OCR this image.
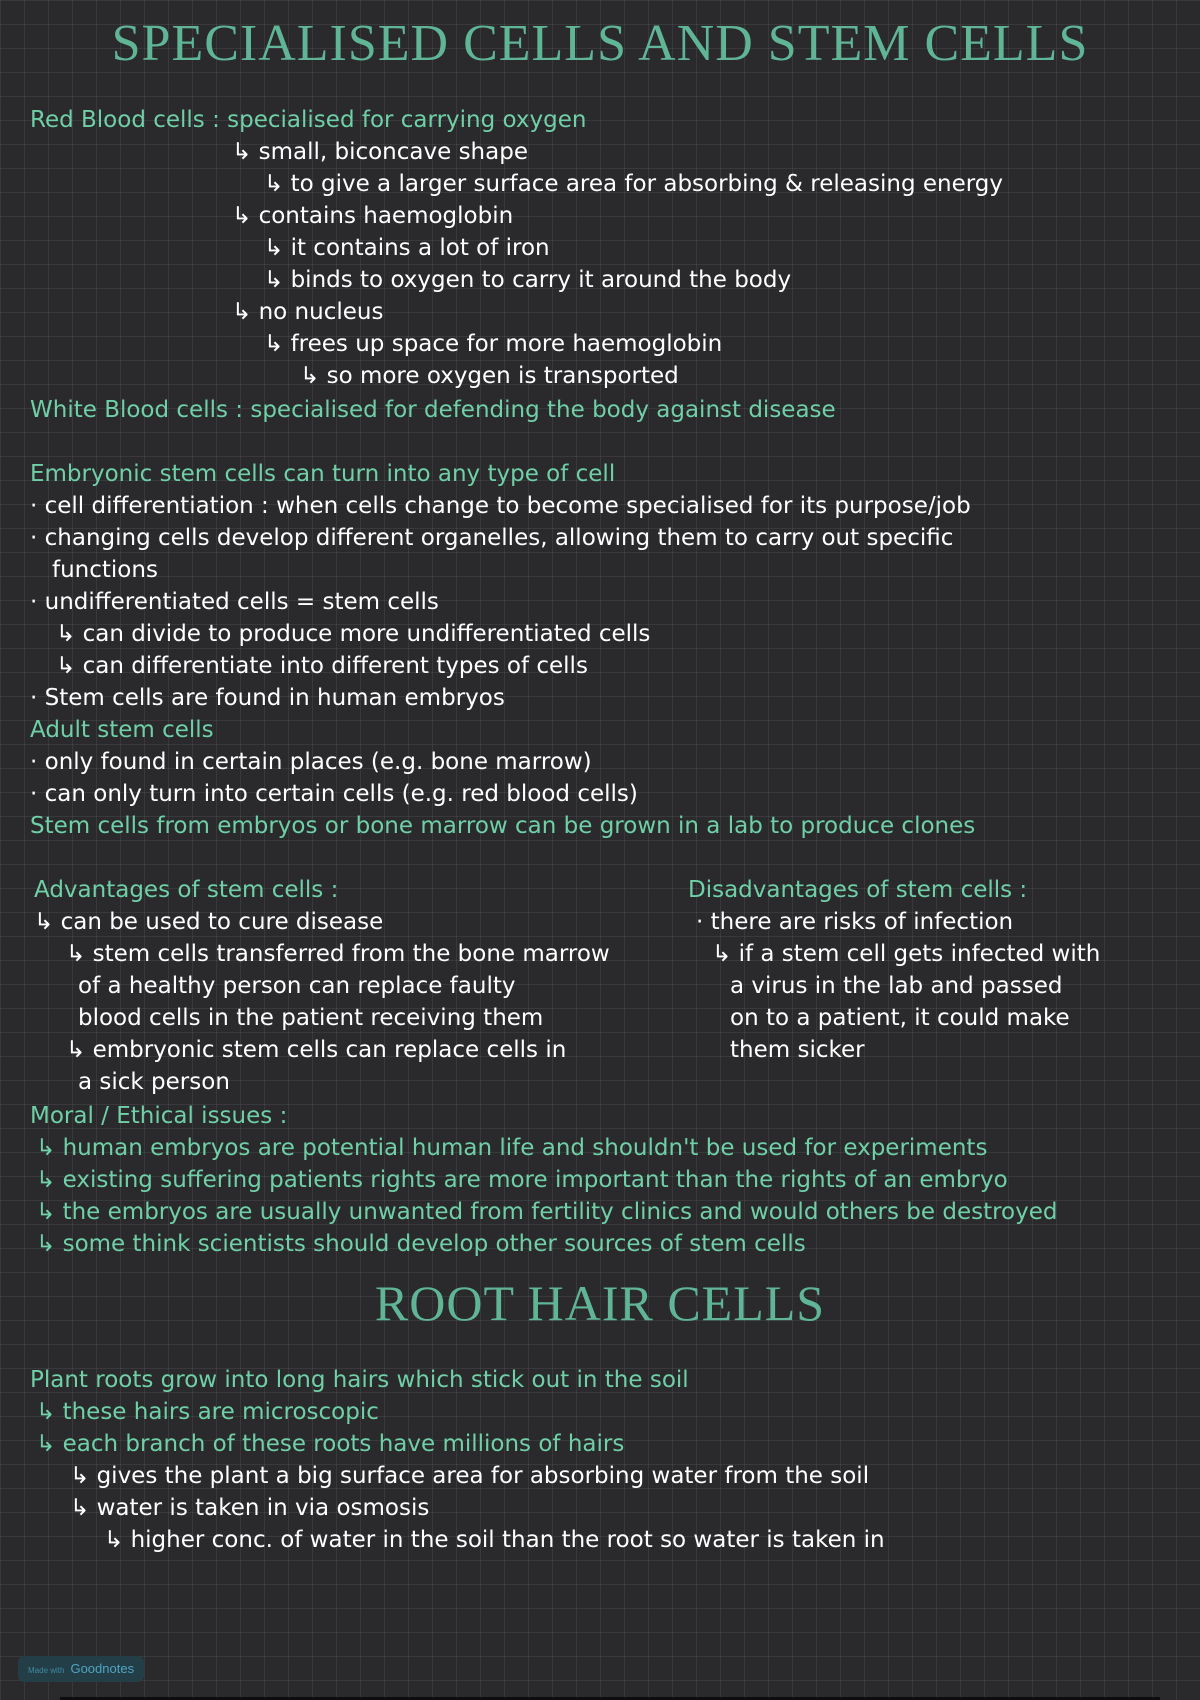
SPECIALISED CELLS AND STEM CELLS
Red Blood cells : specialised for carrying oxygen
↳ small, biconcave shape
↳ to give a larger surface area for absorbing & releasing energy
↳ contains haemoglobin
↳ it contains a lot of iron
↳ binds to oxygen to carry it around the body
↳ no nucleus
↳ frees up space for more haemoglobin
↳ so more oxygen is transported
White Blood cells : specialised for defending the body against disease
Embryonic stem cells can turn into any type of cell
· cell differentiation : when cells change to become specialised for its purpose/job
· changing cells develop different organelles, allowing them to carry out specific
functions
· undifferentiated cells = stem cells
↳ can divide to produce more undifferentiated cells
↳ can differentiate into different types of cells
· Stem cells are found in human embryos
Adult stem cells
· only found in certain places (e.g. bone marrow)
· can only turn into certain cells (e.g. red blood cells)
Stem cells from embryos or bone marrow can be grown in a lab to produce clones
Advantages of stem cells :
↳ can be used to cure disease
↳ stem cells transferred from the bone marrow
of a healthy person can replace faulty
blood cells in the patient receiving them
↳ embryonic stem cells can replace cells in
a sick person
Disadvantages of stem cells :
· there are risks of infection
↳ if a stem cell gets infected with
a virus in the lab and passed
on to a patient, it could make
them sicker
Moral / Ethical issues :
↳ human embryos are potential human life and shouldn't be used for experiments
↳ existing suffering patients rights are more important than the rights of an embryo
↳ the embryos are usually unwanted from fertility clinics and would others be destroyed
↳ some think scientists should develop other sources of stem cells
Plant roots grow into long hairs which stick out in the soil
↳ these hairs are microscopic
↳ each branch of these roots have millions of hairs
↳ gives the plant a big surface area for absorbing water from the soil
↳ water is taken in via osmosis
↳ higher conc. of water in the soil than the root so water is taken in
ROOT HAIR CELLS
Made with Goodnotes
